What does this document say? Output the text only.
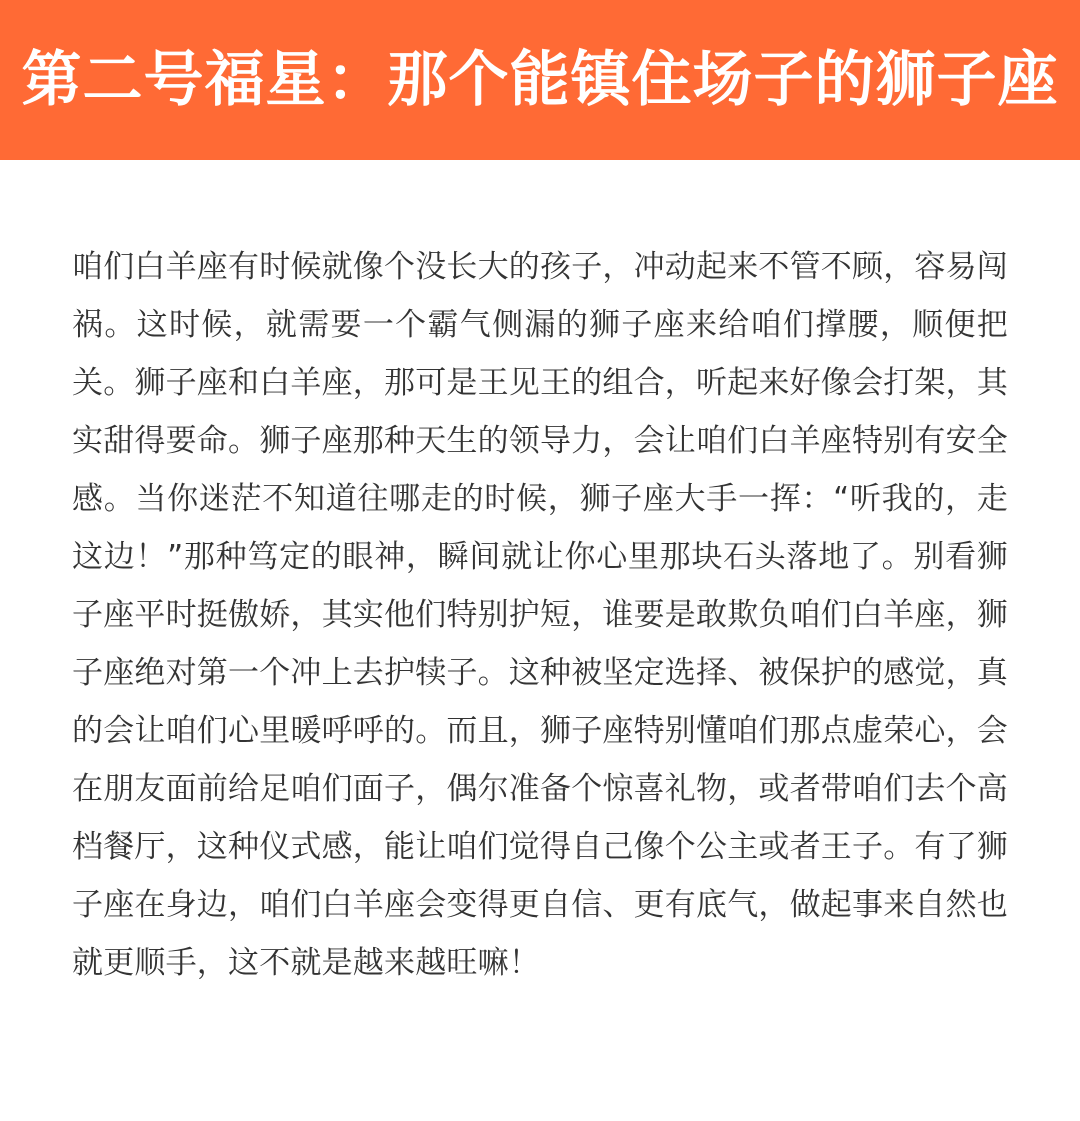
第二号福星：那个能镇住场子的狮子座

咱们白羊座有时候就像个没长大的孩子，冲动起来不管不顾，容易闯祸。这时候，就需要一个霸气侧漏的狮子座来给咱们撑腰，顺便把关。狮子座和白羊座，那可是王见王的组合，听起来好像会打架，其实甜得要命。狮子座那种天生的领导力，会让咱们白羊座特别有安全感。当你迷茫不知道往哪走的时候，狮子座大手一挥：“听我的，走这边！”那种笃定的眼神，瞬间就让你心里那块石头落地了。别看狮子座平时挺傲娇，其实他们特别护短，谁要是敢欺负咱们白羊座，狮子座绝对第一个冲上去护犊子。这种被坚定选择、被保护的感觉，真的会让咱们心里暖呼呼的。而且，狮子座特别懂咱们那点虚荣心，会在朋友面前给足咱们面子，偶尔准备个惊喜礼物，或者带咱们去个高档餐厅，这种仪式感，能让咱们觉得自己像个公主或者王子。有了狮子座在身边，咱们白羊座会变得更自信、更有底气，做起事来自然也就更顺手，这不就是越来越旺嘛！
